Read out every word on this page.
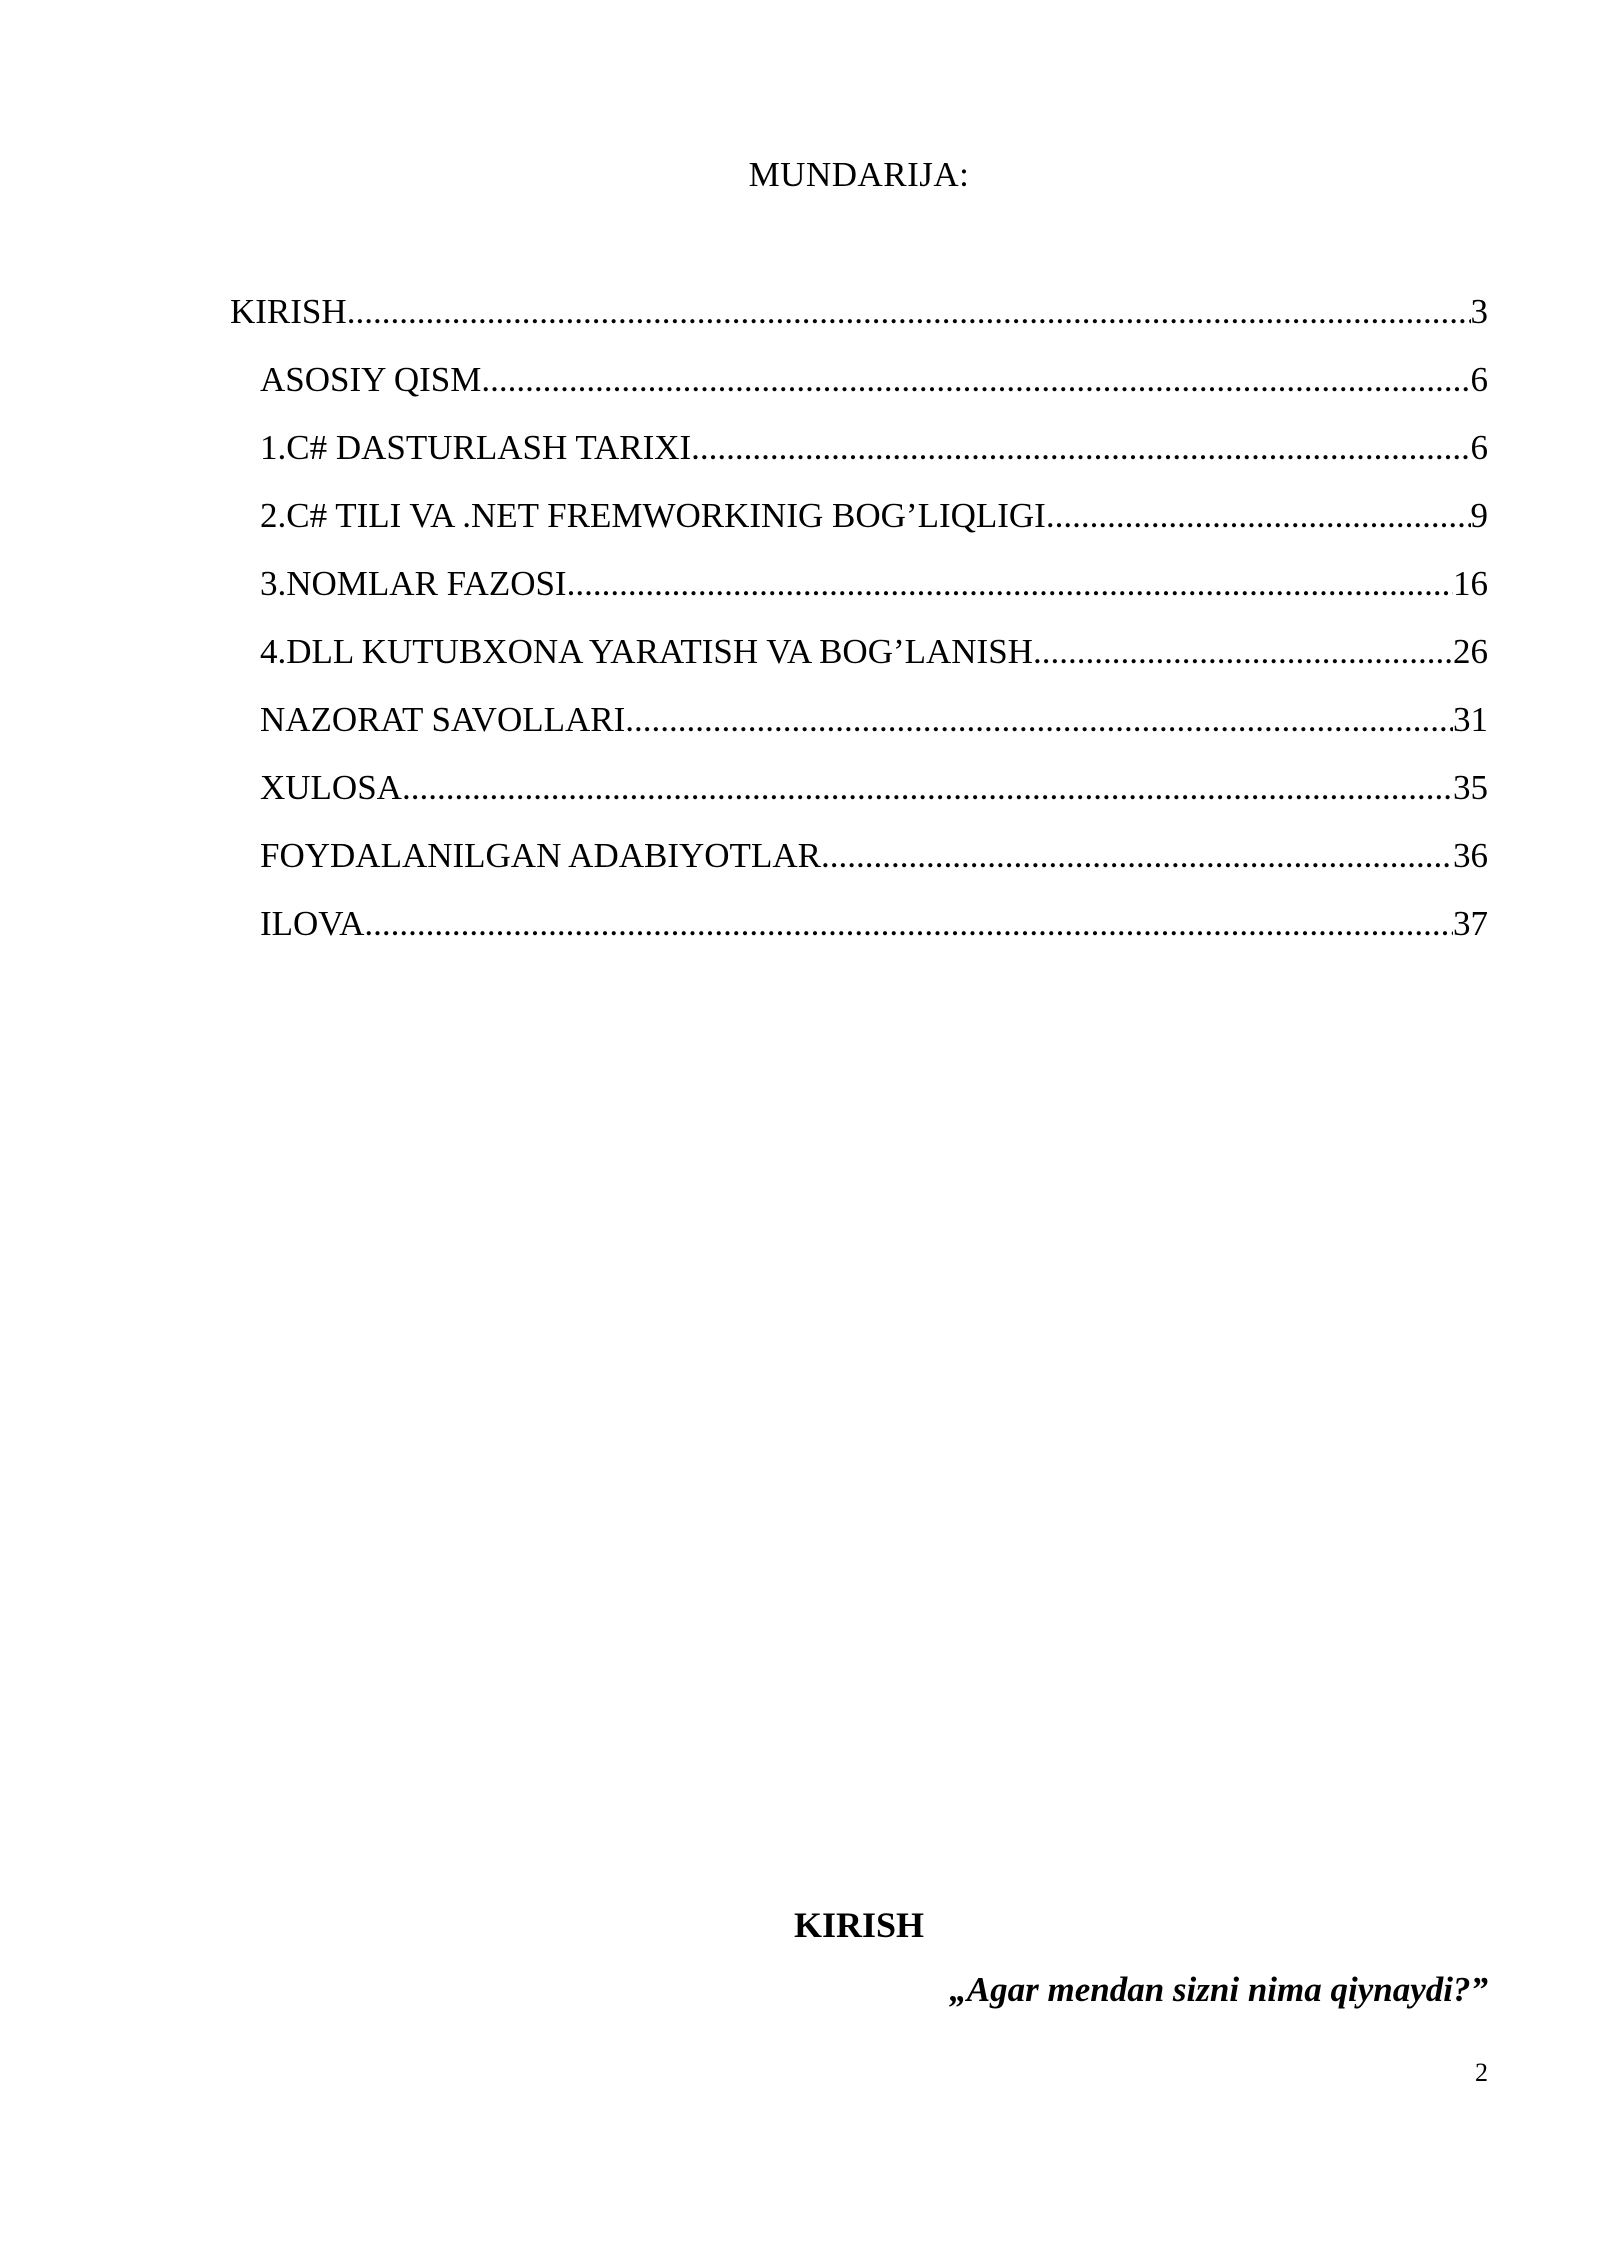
MUNDARIJA:
KIRISH .....	3
ASOSIY QISM .....	6
1.C# DASTURLASH TARIXI .....	6
2.C# TILI VA .NET FREMWORKINIG BOG’LIQLIGI .....	9
3.NOMLAR FAZOSI .....	16
4.DLL KUTUBXONA YARATISH VA BOG’LANISH .....	26
NAZORAT SAVOLLARI .....	31
XULOSA .....	35
FOYDALANILGAN ADABIYOTLAR .....	36
ILOVA .....	37
KIRISH
„Agar mendan sizni nima qiynaydi?”
2
